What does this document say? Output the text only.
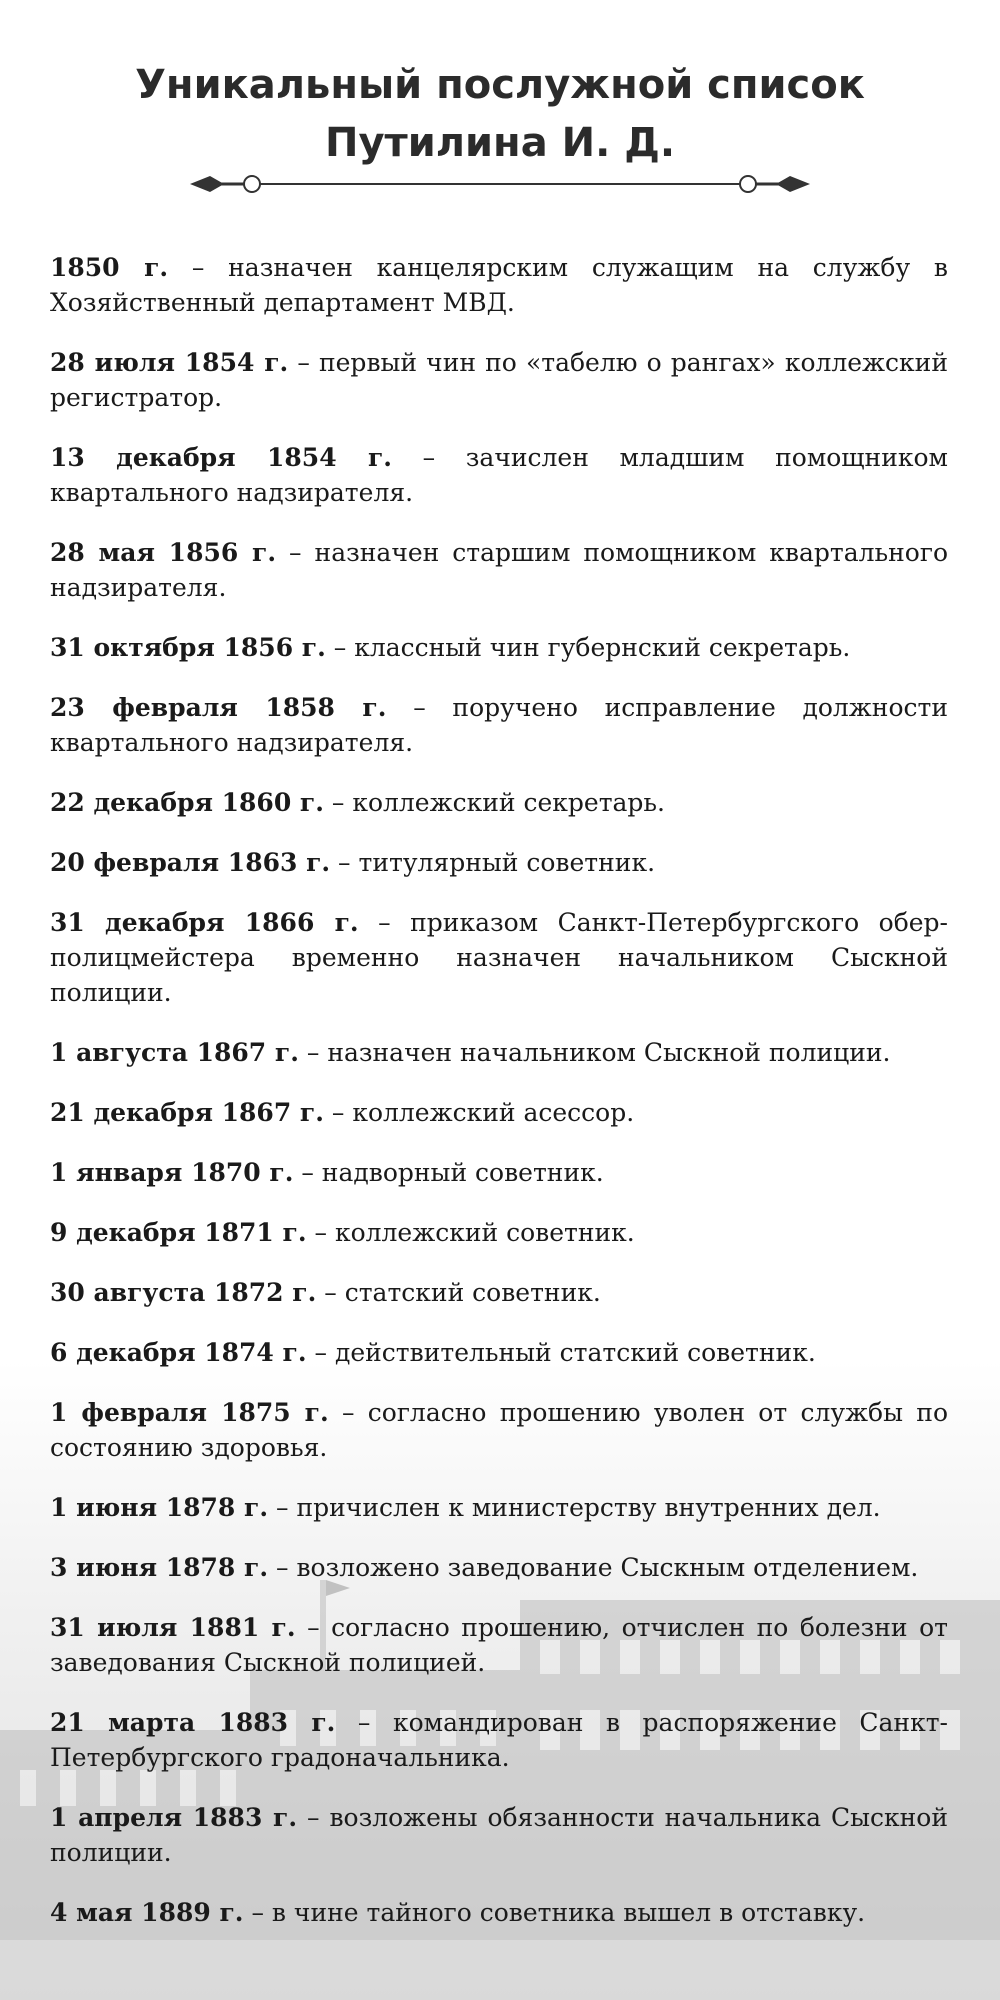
Уникальный послужной список
Путилина И. Д.

1850 г. – назначен канцелярским служащим на службу в Хозяйственный департамент МВД.

28 июля 1854 г. – первый чин по «табелю о рангах» коллежский регистратор.

13 декабря 1854 г. – зачислен младшим помощником квартального надзирателя.

28 мая 1856 г. – назначен старшим помощником квартального надзирателя.

31 октября 1856 г. – классный чин губернский секретарь.

23 февраля 1858 г. – поручено исправление должности квартального надзирателя.

22 декабря 1860 г. – коллежский секретарь.

20 февраля 1863 г. – титулярный советник.

31 декабря 1866 г. – приказом Санкт-Петербургского обер-полицмейстера временно назначен начальником Сыскной полиции.

1 августа 1867 г. – назначен начальником Сыскной полиции.

21 декабря 1867 г. – коллежский асессор.

1 января 1870 г. – надворный советник.

9 декабря 1871 г. – коллежский советник.

30 августа 1872 г. – статский советник.

6 декабря 1874 г. – действительный статский советник.

1 февраля 1875 г. – согласно прошению уволен от службы по состоянию здоровья.

1 июня 1878 г. – причислен к министерству внутренних дел.

3 июня 1878 г. – возложено заведование Сыскным отделением.

31 июля 1881 г. – согласно прошению, отчислен по болезни от заведования Сыскной полицией.

21 марта 1883 г. – командирован в распоряжение Санкт-Петербургского градоначальника.

1 апреля 1883 г. – возложены обязанности начальника Сыскной полиции.

4 мая 1889 г. – в чине тайного советника вышел в отставку.
